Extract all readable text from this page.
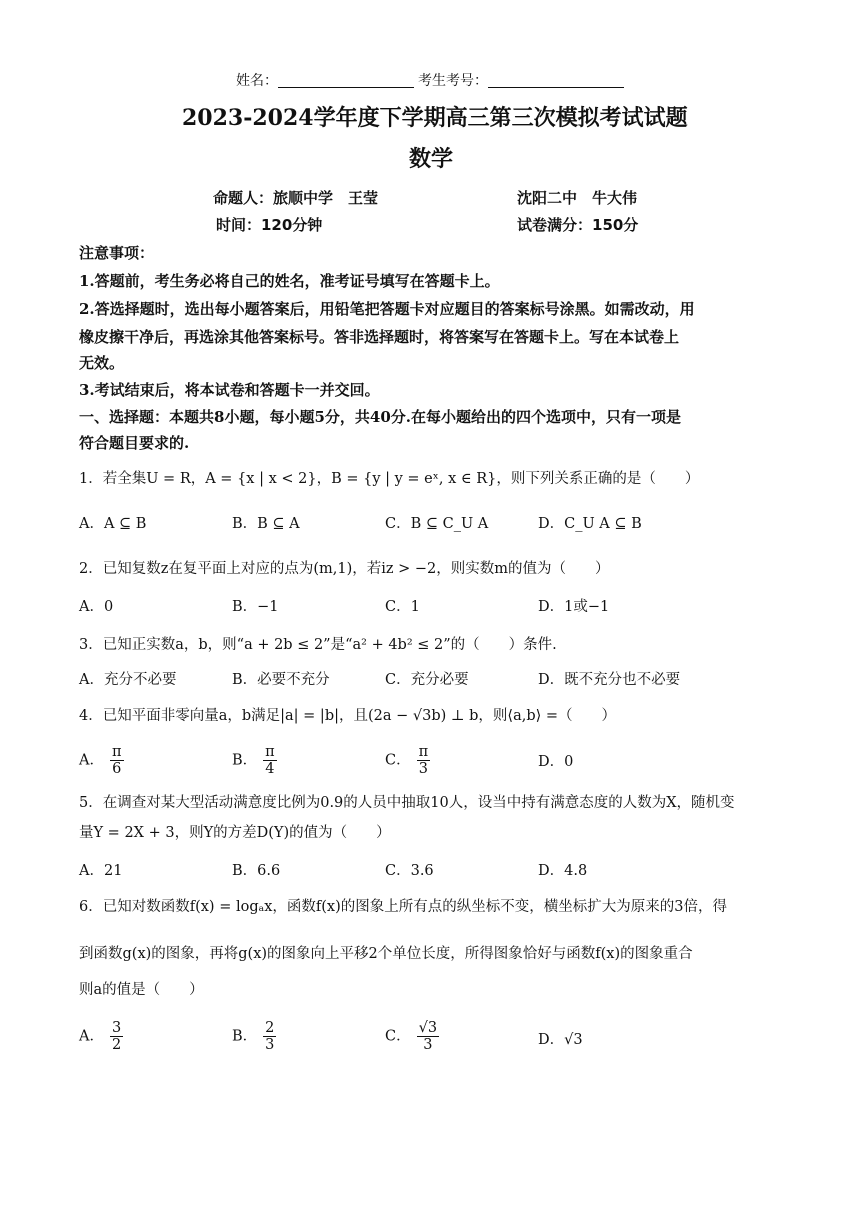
姓名：	考生考号：
2023-2024学年度下学期高三第三次模拟考试试题
数学
命题人：旅顺中学　王莹	沈阳二中　牛大伟
时间：120分钟	试卷满分：150分
注意事项：
1.答题前，考生务必将自己的姓名，准考证号填写在答题卡上。
2.答选择题时，选出每小题答案后，用铅笔把答题卡对应题目的答案标号涂黑。如需改动，用
橡皮擦干净后，再选涂其他答案标号。答非选择题时，将答案写在答题卡上。写在本试卷上
无效。
3.考试结束后，将本试卷和答题卡一并交回。
一、选择题：本题共8小题，每小题5分，共40分.在每小题给出的四个选项中，只有一项是
符合题目要求的.
1．若全集U = R，A = {x | x < 2}，B = {y | y = eˣ, x ∈ R}，则下列关系正确的是（　　）
A．A ⊆ B	B．B ⊆ A	C．B ⊆ C_U A	D．C_U A ⊆ B
2．已知复数z在复平面上对应的点为(m,1)，若iz > −2，则实数m的值为（　　）
A．0	B．−1	C．1	D．1或−1
3．已知正实数a，b，则“a + 2b ≤ 2”是“a² + 4b² ≤ 2”的（　　）条件.
A．充分不必要	B．必要不充分	C．充分必要	D．既不充分也不必要
4．已知平面非零向量a，b满足|a| = |b|，且(2a − √3b) ⊥ b，则⟨a,b⟩ =（　　）
A． $\frac{\pi}{6}$	B． $\frac{\pi}{4}$	C． $\frac{\pi}{3}$	D．0
5．在调查对某大型活动满意度比例为0.9的人员中抽取10人，设当中持有满意态度的人数为X，随机变
量Y = 2X + 3，则Y的方差D(Y)的值为（　　）
A．21	B．6.6	C．3.6	D．4.8
6．已知对数函数f(x) = logₐx，函数f(x)的图象上所有点的纵坐标不变，横坐标扩大为原来的3倍，得
到函数g(x)的图象，再将g(x)的图象向上平移2个单位长度，所得图象恰好与函数f(x)的图象重合
则a的值是（　　）
A． $\frac{3}{2}$	B． $\frac{2}{3}$	C． $\frac{√3}{3}$	D．√3
